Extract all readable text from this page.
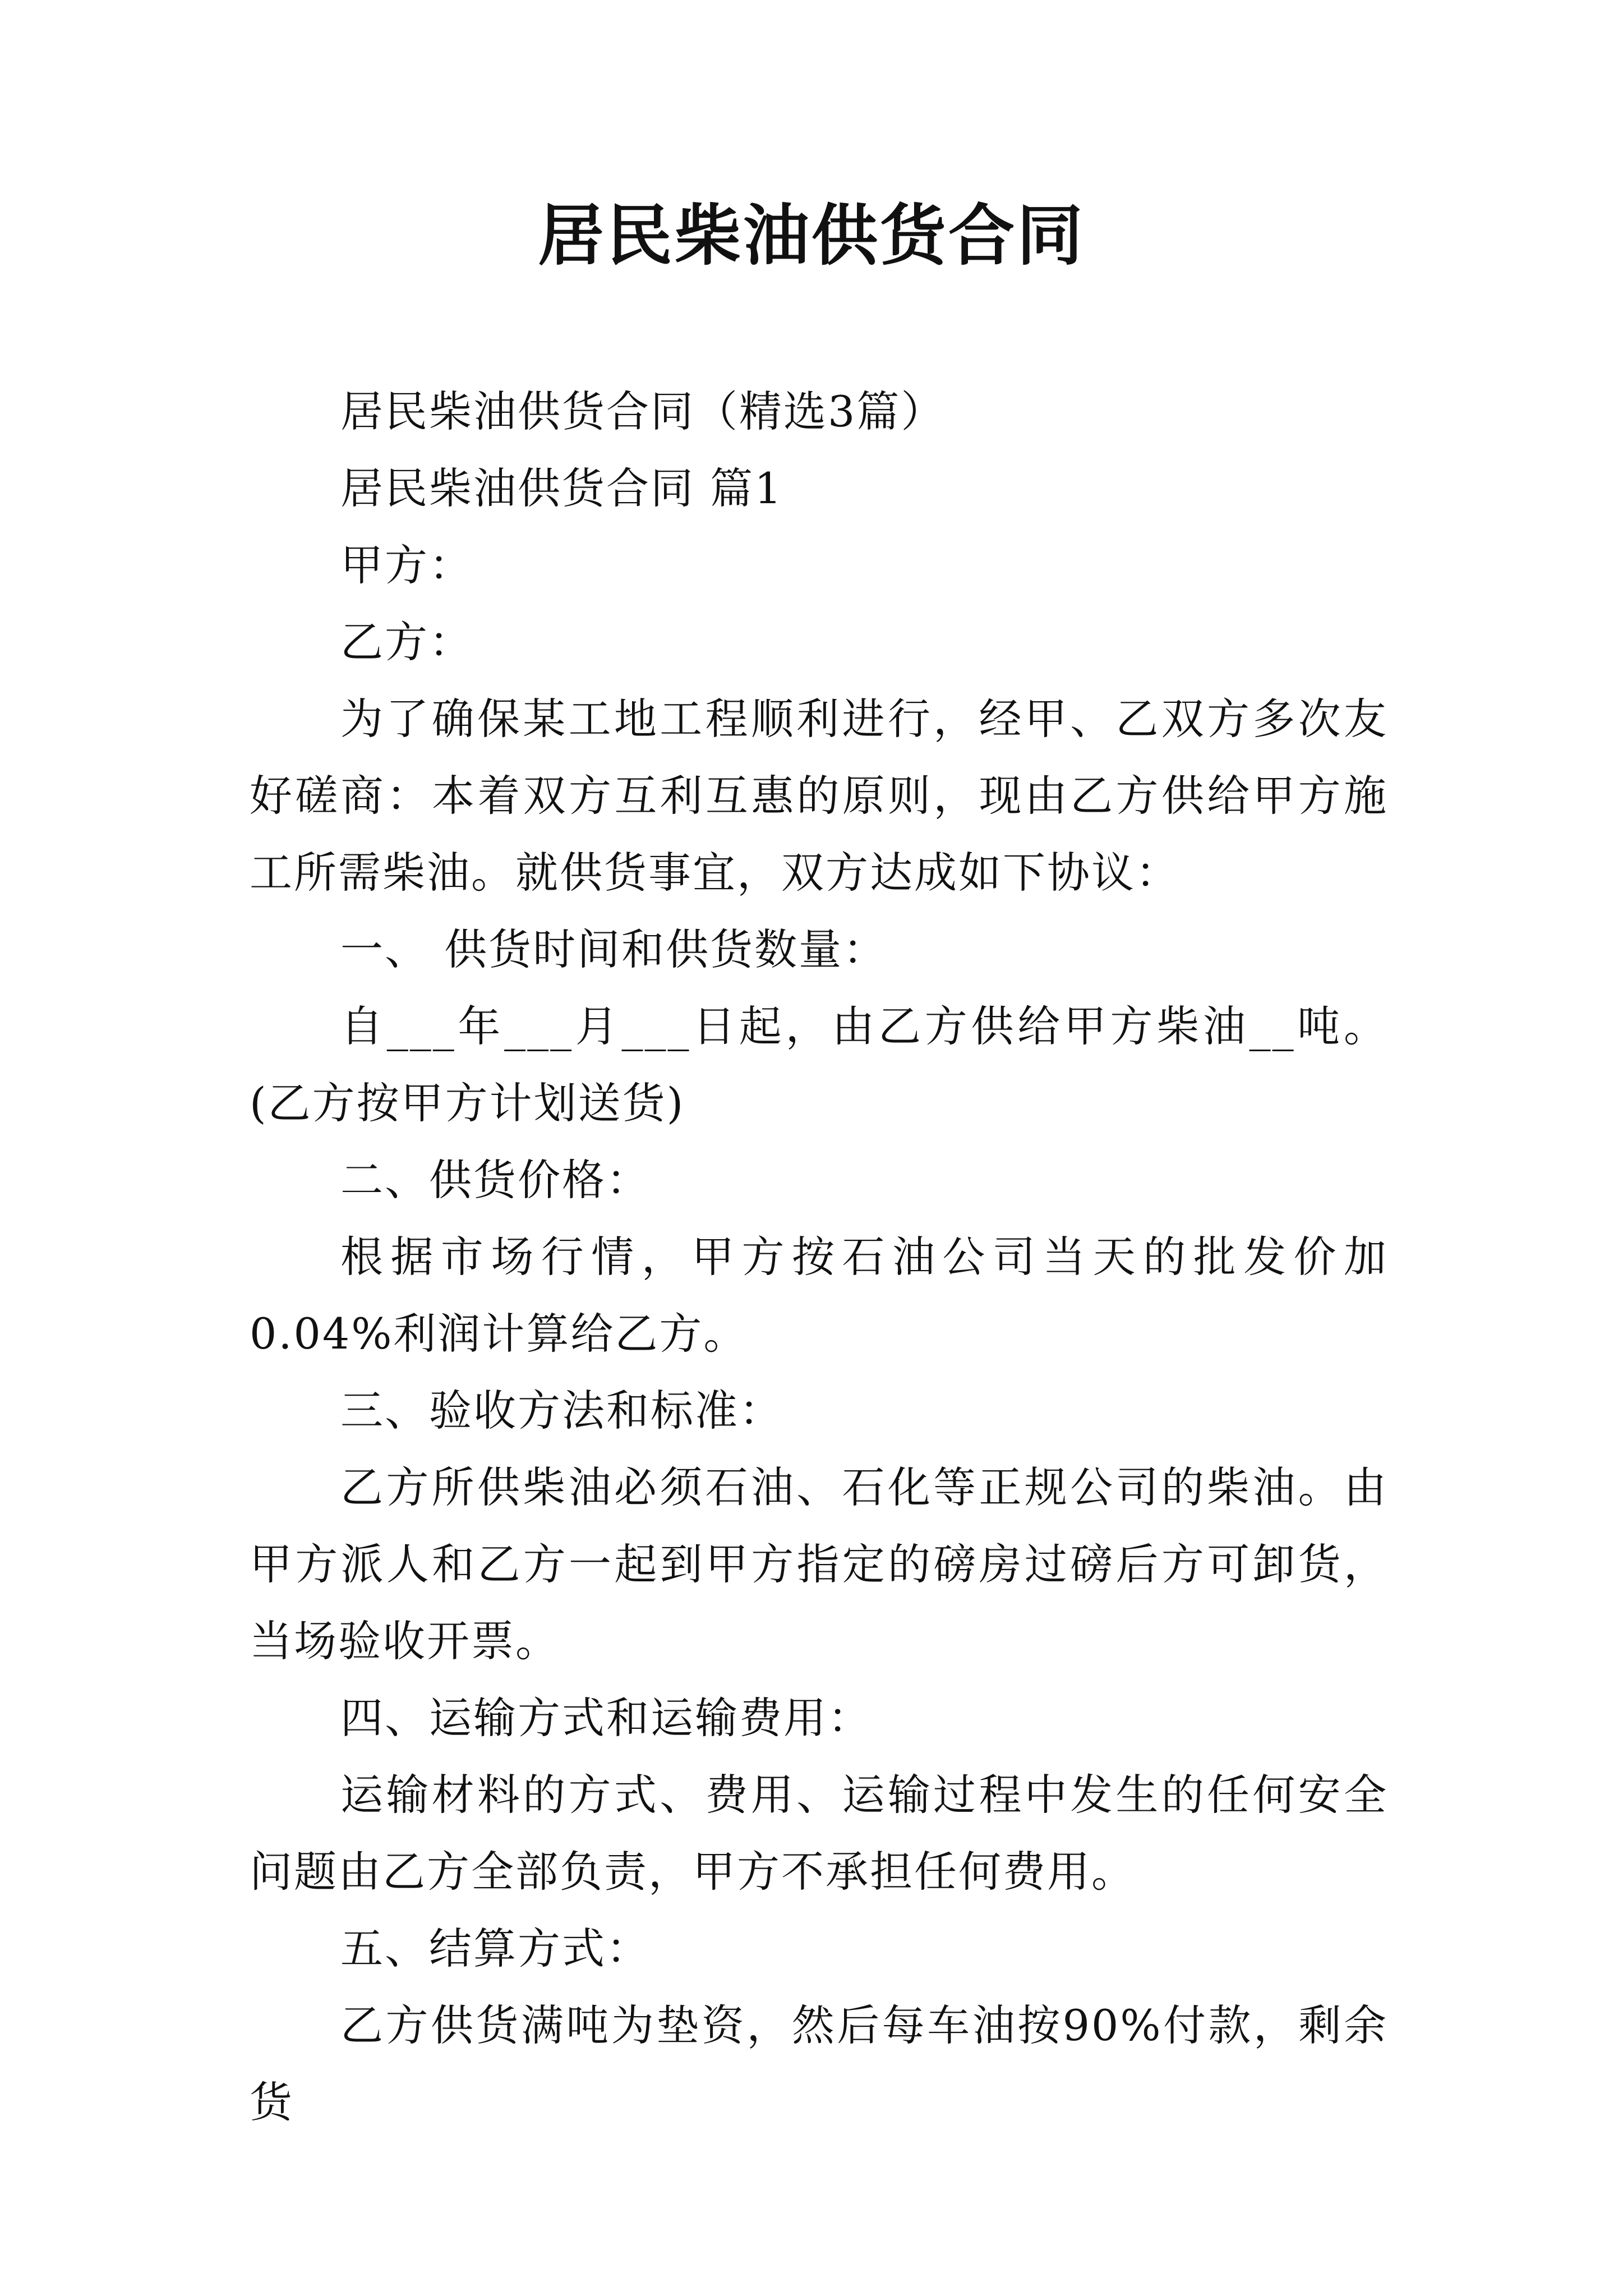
居民柴油供货合同

居民柴油供货合同（精选3篇）

居民柴油供货合同 篇1

甲方：

乙方：

为了确保某工地工程顺利进行，经甲、乙双方多次友好磋商：本着双方互利互惠的原则，现由乙方供给甲方施工所需柴油。就供货事宜，双方达成如下协议：

一、 供货时间和供货数量：

自___年___月___日起，由乙方供给甲方柴油__吨。(乙方按甲方计划送货)

二、供货价格：

根据市场行情，甲方按石油公司当天的批发价加0.04%利润计算给乙方。

三、验收方法和标准：

乙方所供柴油必须石油、石化等正规公司的柴油。由甲方派人和乙方一起到甲方指定的磅房过磅后方可卸货，当场验收开票。

四、运输方式和运输费用：

运输材料的方式、费用、运输过程中发生的任何安全问题由乙方全部负责，甲方不承担任何费用。

五、结算方式：

乙方供货满吨为垫资，然后每车油按90%付款，剩余货
